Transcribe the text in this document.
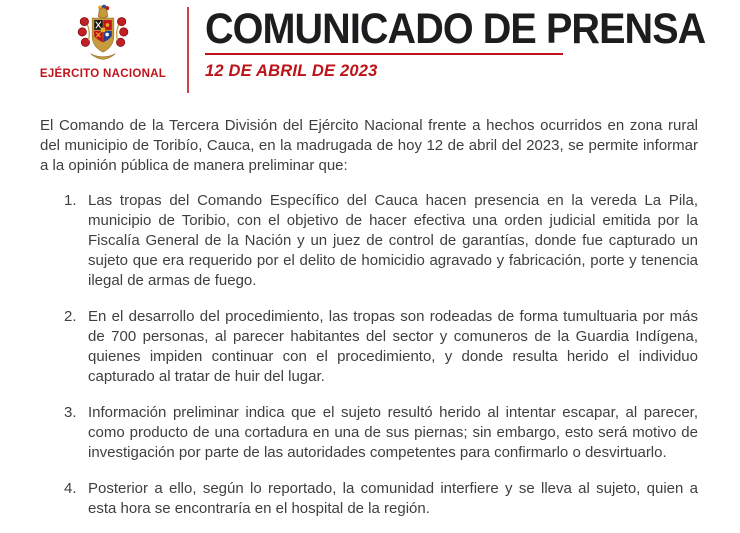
EJÉRCITO NACIONAL
COMUNICADO DE PRENSA
12 DE ABRIL DE 2023

El Comando de la Tercera División del Ejército Nacional frente a hechos ocurridos en zona rural del municipio de Toribío, Cauca, en la madrugada de hoy 12 de abril del 2023, se permite informar a la opinión pública de manera preliminar que:

1. Las tropas del Comando Específico del Cauca hacen presencia en la vereda La Pila, municipio de Toribio, con el objetivo de hacer efectiva una orden judicial emitida por la Fiscalía General de la Nación y un juez de control de garantías, donde fue capturado un sujeto que era requerido por el delito de homicidio agravado y fabricación, porte y tenencia ilegal de armas de fuego.
2. En el desarrollo del procedimiento, las tropas son rodeadas de forma tumultuaria por más de 700 personas, al parecer habitantes del sector y comuneros de la Guardia Indígena, quienes impiden continuar con el procedimiento, y donde resulta herido el individuo capturado al tratar de huir del lugar.
3. Información preliminar indica que el sujeto resultó herido al intentar escapar, al parecer, como producto de una cortadura en una de sus piernas; sin embargo, esto será motivo de investigación por parte de las autoridades competentes para confirmarlo o desvirtuarlo.
4. Posterior a ello, según lo reportado, la comunidad interfiere y se lleva al sujeto, quien a esta hora se encontraría en el hospital de la región.
